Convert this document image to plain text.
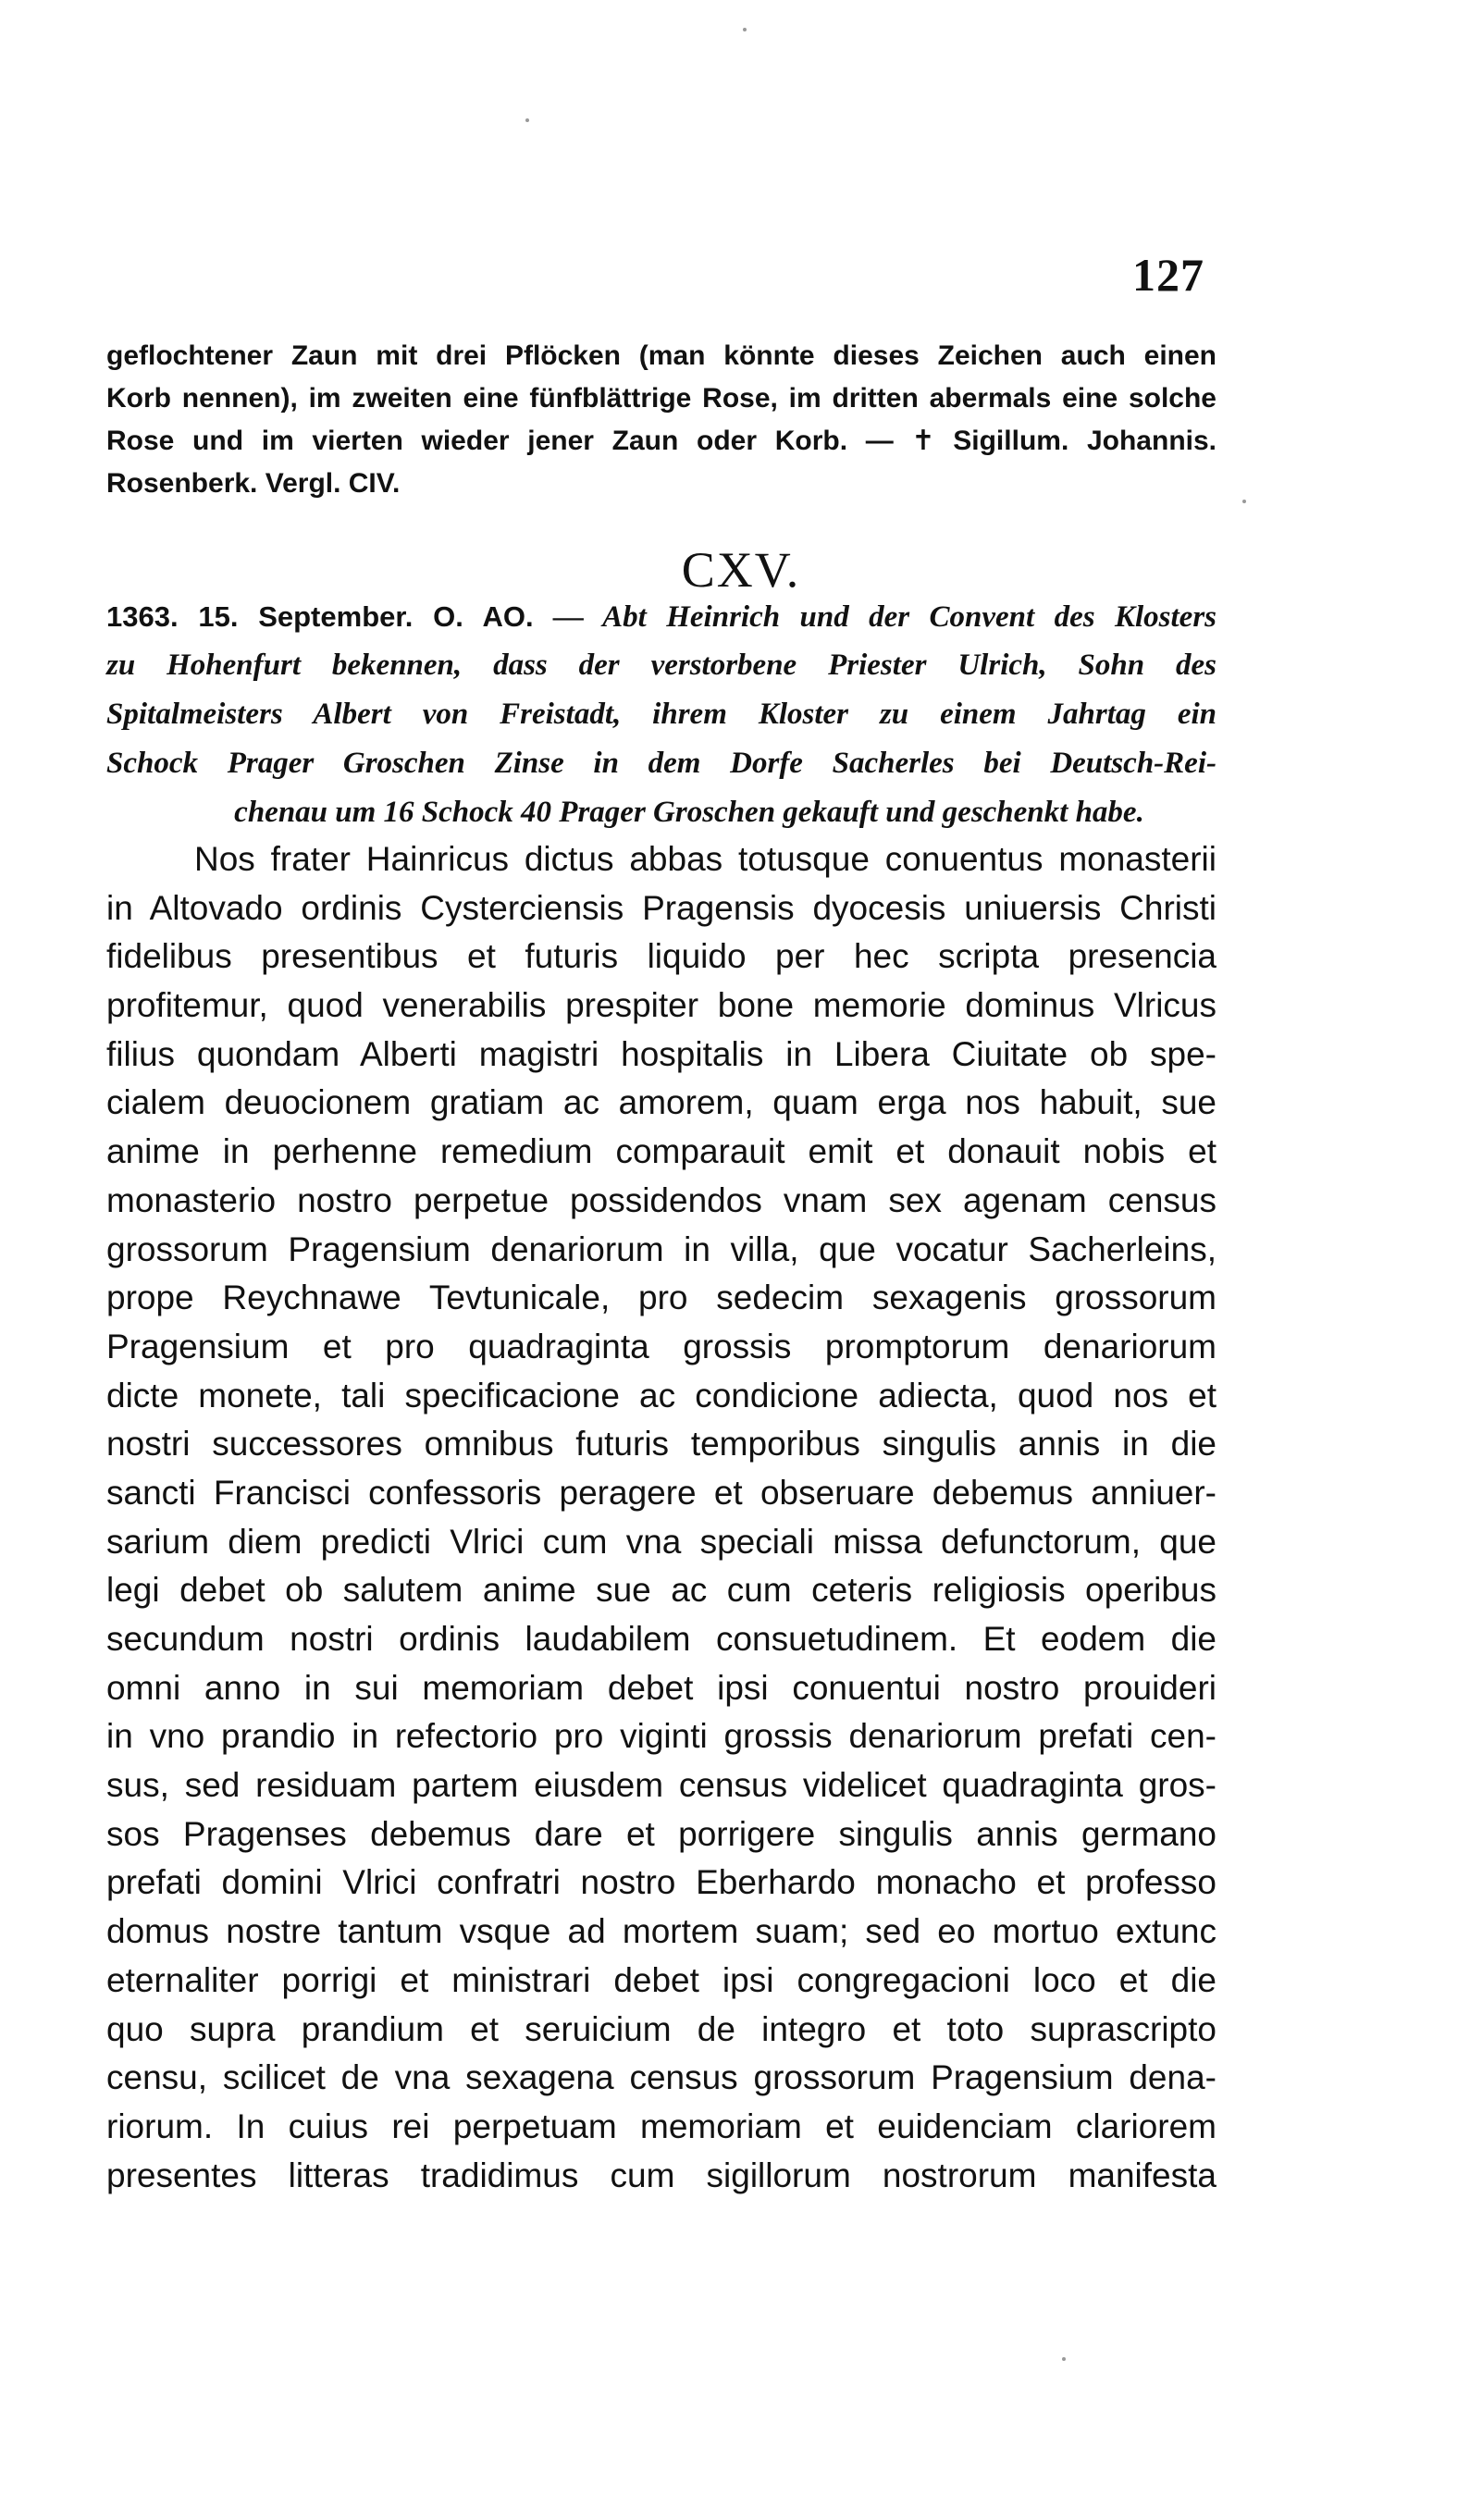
127
geflochtener Zaun mit drei Pflöcken (man könnte dieses Zeichen auch einen
Korb nennen), im zweiten eine fünfblättrige Rose, im dritten abermals eine solche
Rose und im vierten wieder jener Zaun oder Korb. — ✝ Sigillum. Johannis.
Rosenberk. Vergl. CIV.
CXV.
1363. 15. September. O. AO. — Abt Heinrich und der Convent des Klosters
zu Hohenfurt bekennen, dass der verstorbene Priester Ulrich, Sohn des
Spitalmeisters Albert von Freistadt, ihrem Kloster zu einem Jahrtag ein
Schock Prager Groschen Zinse in dem Dorfe Sacherles bei Deutsch-Rei-
chenau um 16 Schock 40 Prager Groschen gekauft und geschenkt habe.
Nos frater Hainricus dictus abbas totusque conuentus monasterii
in Altovado ordinis Cysterciensis Pragensis dyocesis uniuersis Christi
fidelibus presentibus et futuris liquido per hec scripta presencia
profitemur, quod venerabilis prespiter bone memorie dominus Vlricus
filius quondam Alberti magistri hospitalis in Libera Ciuitate ob spe-
cialem deuocionem gratiam ac amorem, quam erga nos habuit, sue
anime in perhenne remedium comparauit emit et donauit nobis et
monasterio nostro perpetue possidendos vnam sex agenam census
grossorum Pragensium denariorum in villa, que vocatur Sacherleins,
prope Reychnawe Tevtunicale, pro sedecim sexagenis grossorum
Pragensium et pro quadraginta grossis promptorum denariorum
dicte monete, tali specificacione ac condicione adiecta, quod nos et
nostri successores omnibus futuris temporibus singulis annis in die
sancti Francisci confessoris peragere et obseruare debemus anniuer-
sarium diem predicti Vlrici cum vna speciali missa defunctorum, que
legi debet ob salutem anime sue ac cum ceteris religiosis operibus
secundum nostri ordinis laudabilem consuetudinem. Et eodem die
omni anno in sui memoriam debet ipsi conuentui nostro prouideri
in vno prandio in refectorio pro viginti grossis denariorum prefati cen-
sus, sed residuam partem eiusdem census videlicet quadraginta gros-
sos Pragenses debemus dare et porrigere singulis annis germano
prefati domini Vlrici confratri nostro Eberhardo monacho et professo
domus nostre tantum vsque ad mortem suam; sed eo mortuo extunc
eternaliter porrigi et ministrari debet ipsi congregacioni loco et die
quo supra prandium et seruicium de integro et toto suprascripto
censu, scilicet de vna sexagena census grossorum Pragensium dena-
riorum. In cuius rei perpetuam memoriam et euidenciam clariorem
presentes litteras tradidimus cum sigillorum nostrorum manifesta
